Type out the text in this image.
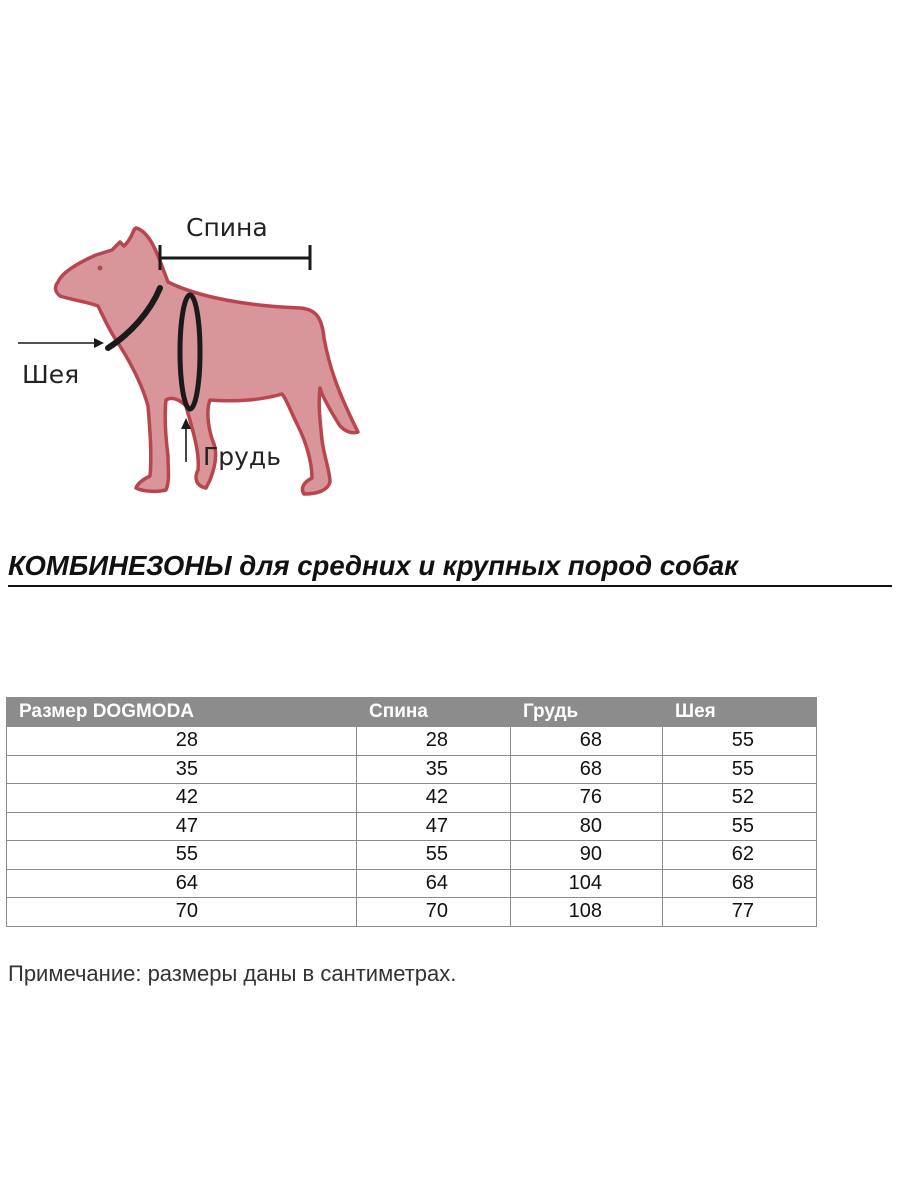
Спина
Шея
Грудь
КОМБИНЕЗОНЫ для средних и крупных пород собак
Размер DOGMODA	Спина	Грудь	Шея
28	28	68	55
35	35	68	55
42	42	76	52
47	47	80	55
55	55	90	62
64	64	104	68
70	70	108	77
Примечание: размеры даны в сантиметрах.
